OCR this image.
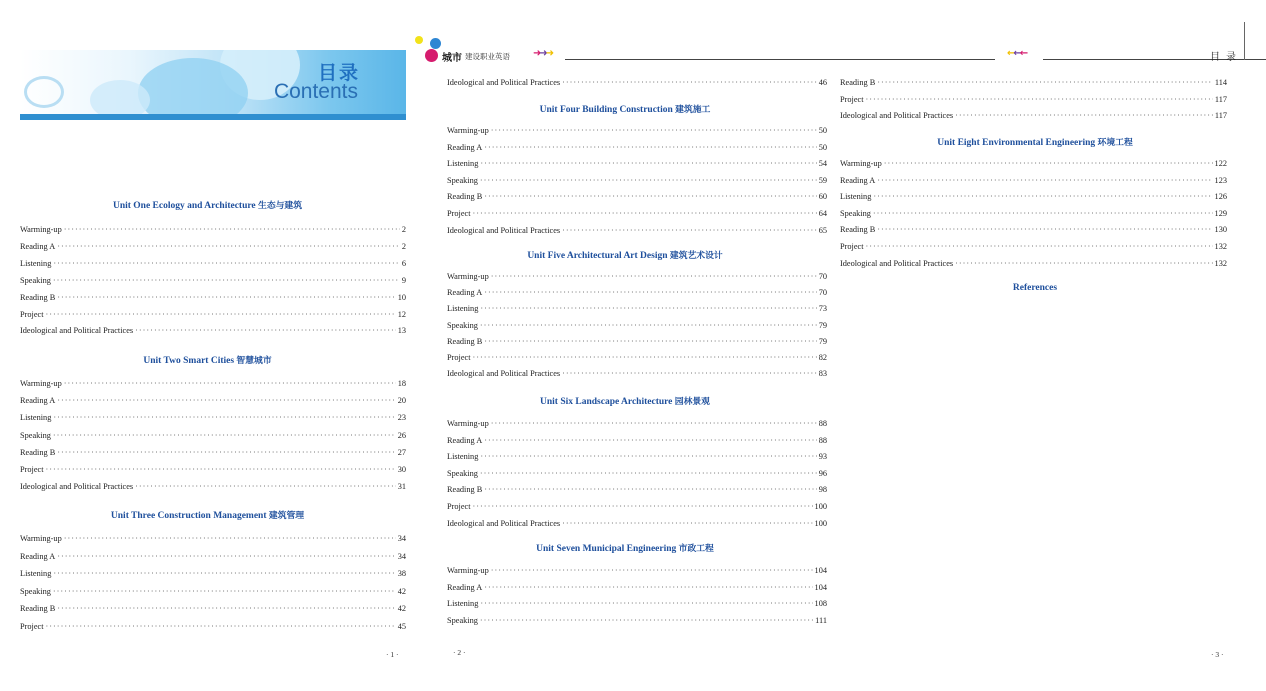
目录
Contents
Unit One Ecology and Architecture 生态与建筑
Warming-up ·····	2
Reading A ·····	2
Listening ·····	6
Speaking ·····	9
Reading B ·····	10
Project ·····	12
Ideological and Political Practices ·····	13
Unit Two Smart Cities 智慧城市
Warming-up ·····	18
Reading A ·····	20
Listening ·····	23
Speaking ·····	26
Reading B ·····	27
Project ·····	30
Ideological and Political Practices ·····	31
Unit Three Construction Management 建筑管理
Warming-up ·····	34
Reading A ·····	34
Listening ·····	38
Speaking ·····	42
Reading B ·····	42
Project ·····	45
· 1 ·
城市 建设职业英语 ➜➜➜
Ideological and Political Practices ·····	46
Unit Four Building Construction 建筑施工
Warming-up ·····	50
Reading A ·····	50
Listening ·····	54
Speaking ·····	59
Reading B ·····	60
Project ·····	64
Ideological and Political Practices ·····	65
Unit Five Architectural Art Design 建筑艺术设计
Warming-up ·····	70
Reading A ·····	70
Listening ·····	73
Speaking ·····	79
Reading B ·····	79
Project ·····	82
Ideological and Political Practices ·····	83
Unit Six Landscape Architecture 园林景观
Warming-up ·····	88
Reading A ·····	88
Listening ·····	93
Speaking ·····	96
Reading B ·····	98
Project ·····	100
Ideological and Political Practices ·····	100
Unit Seven Municipal Engineering 市政工程
Warming-up ·····	104
Reading A ·····	104
Listening ·····	108
Speaking ·····	111
· 2 ·
←←←	目录
Reading B ·····	114
Project ·····	117
Ideological and Political Practices ·····	117
Unit Eight Environmental Engineering 环境工程
Warming-up ·····	122
Reading A ·····	123
Listening ·····	126
Speaking ·····	129
Reading B ·····	130
Project ·····	132
Ideological and Political Practices ·····	132
References
· 3 ·
